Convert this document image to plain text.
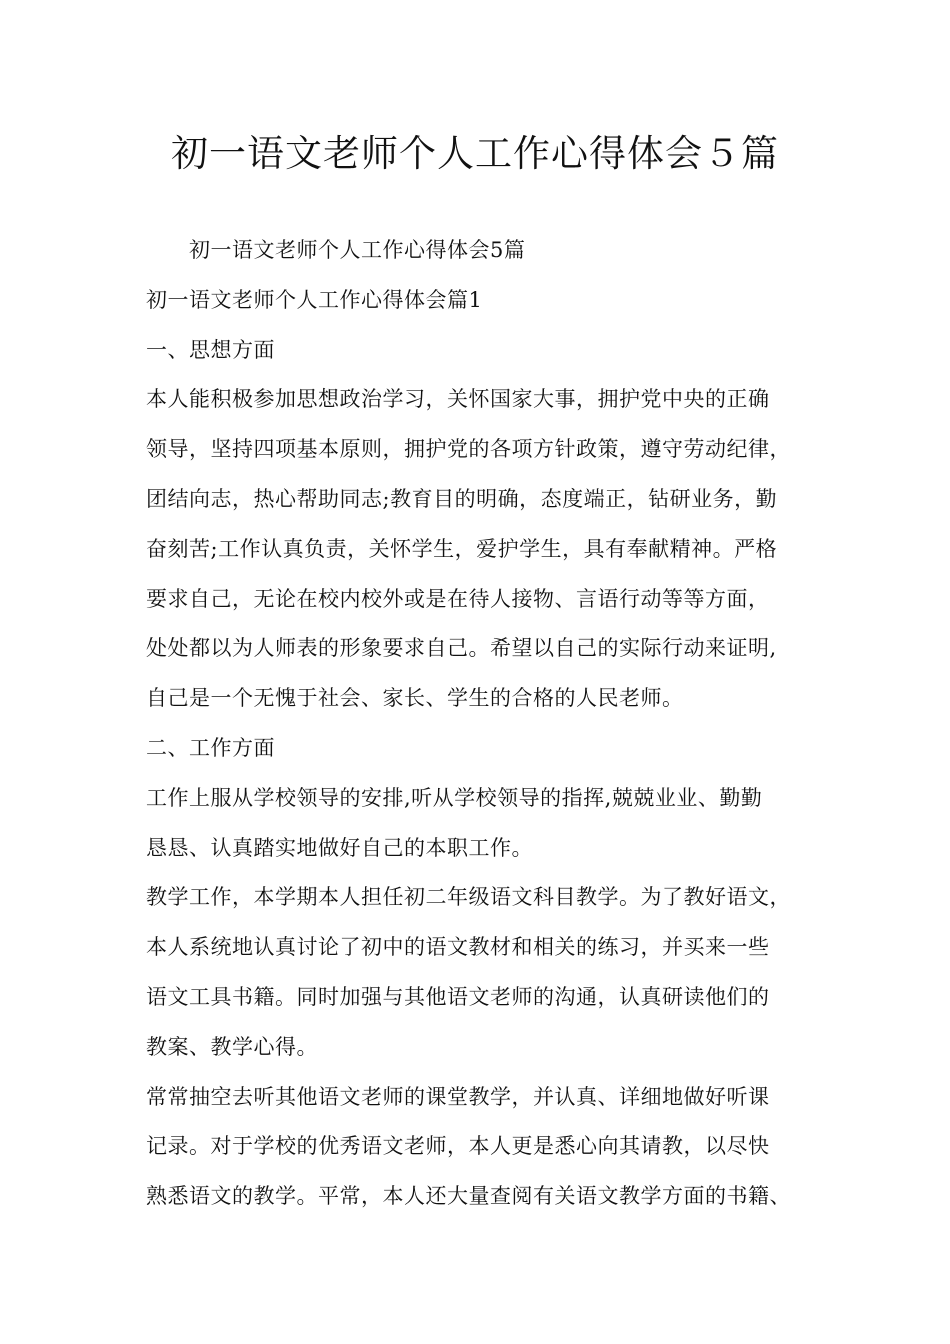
初一语文老师个人工作心得体会５篇

初一语文老师个人工作心得体会5篇

初一语文老师个人工作心得体会篇1

一、思想方面

本人能积极参加思想政治学习，关怀国家大事，拥护党中央的正确

领导，坚持四项基本原则，拥护党的各项方针政策，遵守劳动纪律，

团结向志，热心帮助同志;教育目的明确，态度端正，钻研业务，勤

奋刻苦;工作认真负责，关怀学生，爱护学生，具有奉献精神。严格

要求自己，无论在校内校外或是在待人接物、言语行动等等方面，

处处都以为人师表的形象要求自己。希望以自己的实际行动来证明,

自己是一个无愧于社会、家长、学生的合格的人民老师。

二、工作方面

工作上服从学校领导的安排,听从学校领导的指挥,兢兢业业、勤勤

恳恳、认真踏实地做好自己的本职工作。

教学工作，本学期本人担任初二年级语文科目教学。为了教好语文，

本人系统地认真讨论了初中的语文教材和相关的练习，并买来一些

语文工具书籍。同时加强与其他语文老师的沟通，认真研读他们的

教案、教学心得。

常常抽空去听其他语文老师的课堂教学，并认真、详细地做好听课

记录。对于学校的优秀语文老师，本人更是悉心向其请教，以尽快

熟悉语文的教学。平常，本人还大量查阅有关语文教学方面的书籍、
